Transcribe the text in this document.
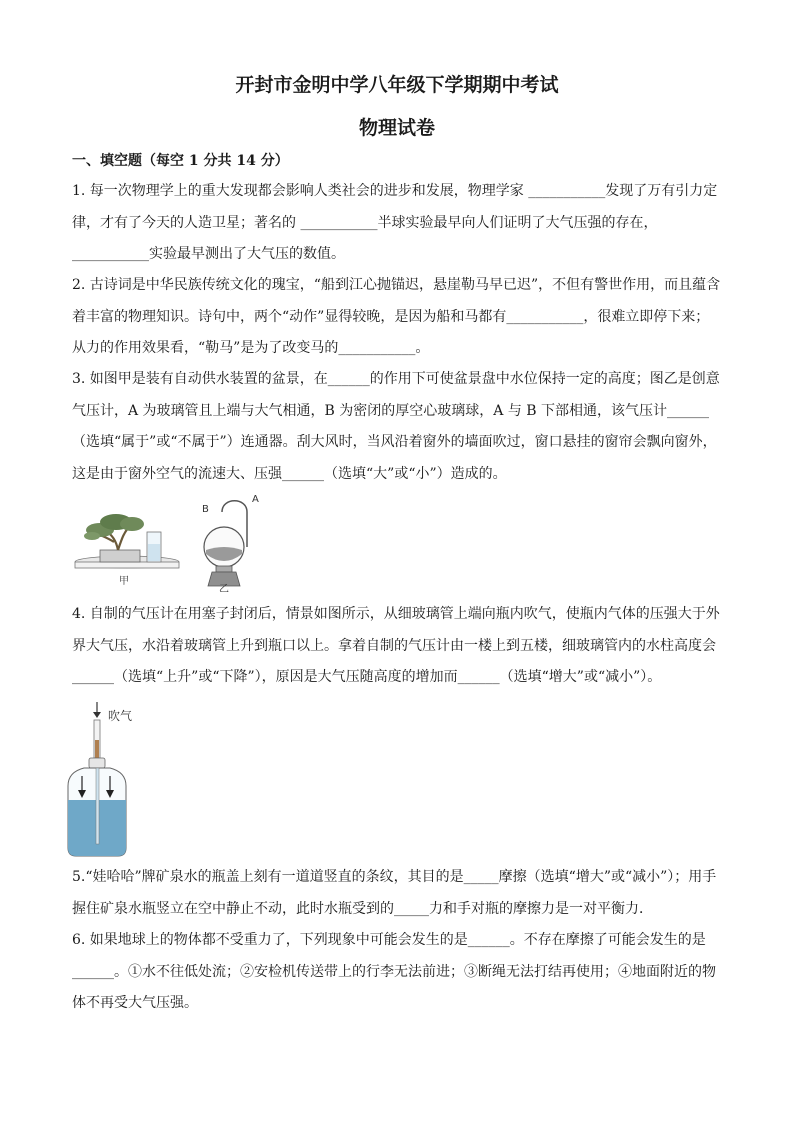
开封市金明中学八年级下学期期中考试
物理试卷
一、填空题（每空 1 分共 14 分）
1. 每一次物理学上的重大发现都会影响人类社会的进步和发展，物理学家 ___________发现了万有引力定律，才有了今天的人造卫星；著名的 ___________半球实验最早向人们证明了大气压强的存在，___________实验最早测出了大气压的数值。
2. 古诗词是中华民族传统文化的瑰宝，“船到江心抛锚迟，悬崖勒马早已迟”，不但有警世作用，而且蕴含着丰富的物理知识。诗句中，两个“动作”显得较晚，是因为船和马都有___________，很难立即停下来；从力的作用效果看，“勒马”是为了改变马的___________。
3. 如图甲是装有自动供水装置的盆景，在______的作用下可使盆景盘中水位保持一定的高度；图乙是创意气压计，A 为玻璃管且上端与大气相通，B 为密闭的厚空心玻璃球，A 与 B 下部相通，该气压计______（选填“属于”或“不属于”）连通器。刮大风时，当风沿着窗外的墙面吹过，窗口悬挂的窗帘会飘向窗外，这是由于窗外空气的流速大、压强______（选填“大”或“小”）造成的。
甲
B
A
乙
4. 自制的气压计在用塞子封闭后，情景如图所示，从细玻璃管上端向瓶内吹气，使瓶内气体的压强大于外界大气压，水沿着玻璃管上升到瓶口以上。拿着自制的气压计由一楼上到五楼，细玻璃管内的水柱高度会______（选填“上升”或“下降”），原因是大气压随高度的增加而______（选填“增大”或“减小”）。
吹气
5.“娃哈哈”牌矿泉水的瓶盖上刻有一道道竖直的条纹，其目的是_____摩擦（选填“增大”或“减小”）；用手握住矿泉水瓶竖立在空中静止不动，此时水瓶受到的_____力和手对瓶的摩擦力是一对平衡力．
6. 如果地球上的物体都不受重力了，下列现象中可能会发生的是______。不存在摩擦了可能会发生的是______。①水不往低处流；②安检机传送带上的行李无法前进；③断绳无法打结再使用；④地面附近的物体不再受大气压强。
